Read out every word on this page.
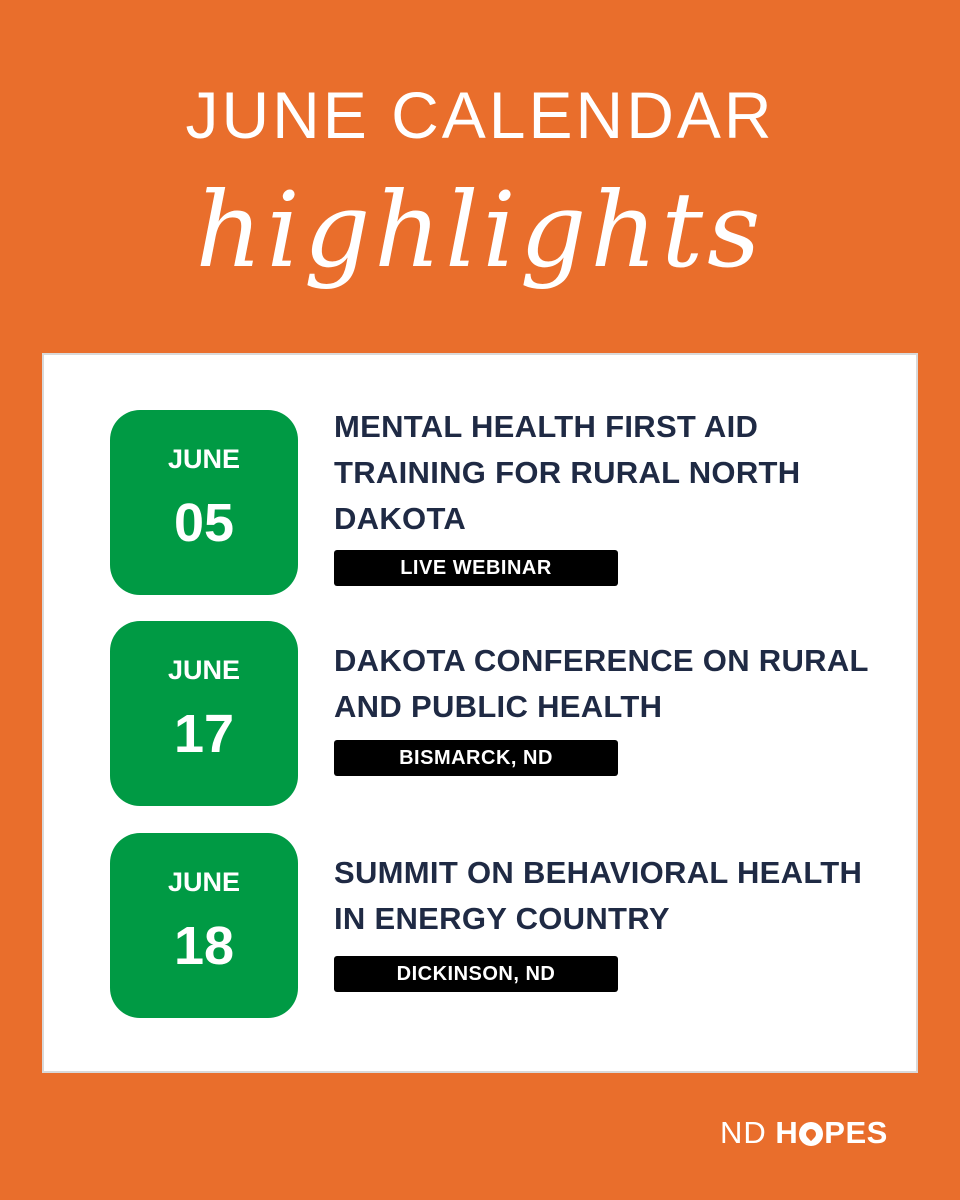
JUNE CALENDAR
highlights
JUNE
05
MENTAL HEALTH FIRST AID TRAINING FOR RURAL NORTH DAKOTA
LIVE WEBINAR
JUNE
17
DAKOTA CONFERENCE ON RURAL AND PUBLIC HEALTH
BISMARCK, ND
JUNE
18
SUMMIT ON BEHAVIORAL HEALTH IN ENERGY COUNTRY
DICKINSON, ND
ND H PES
